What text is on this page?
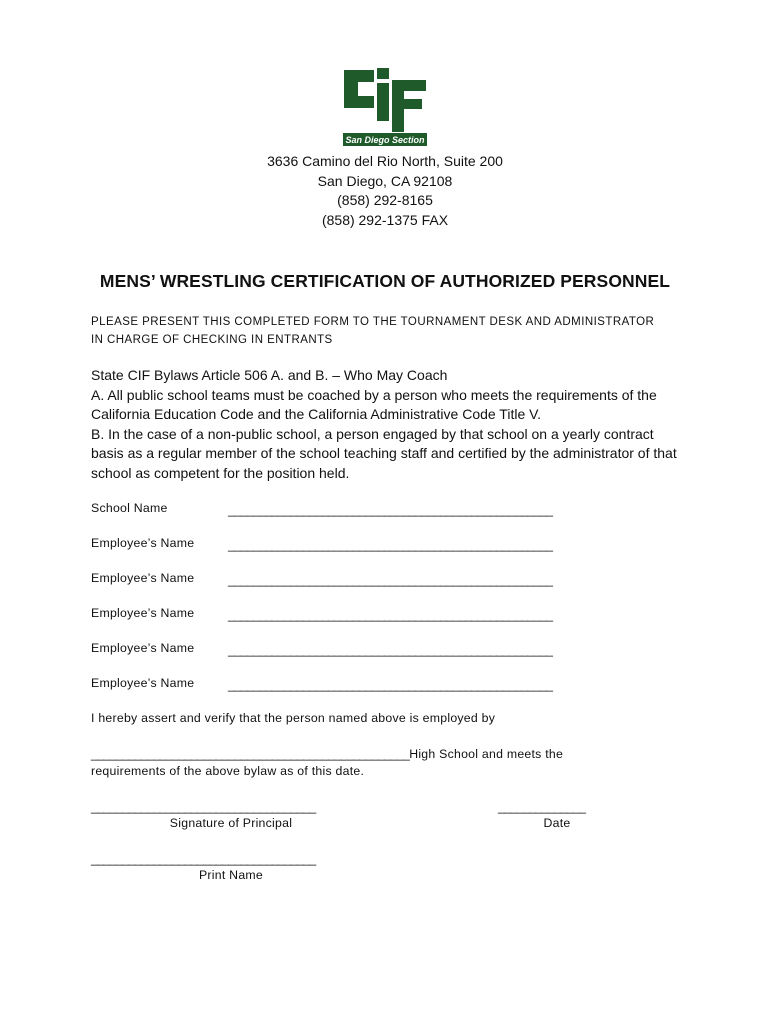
San Diego Section
3636 Camino del Rio North, Suite 200
San Diego, CA 92108
(858) 292-8165
(858) 292-1375 FAX
MENS’ WRESTLING CERTIFICATION OF AUTHORIZED PERSONNEL
PLEASE PRESENT THIS COMPLETED FORM TO THE TOURNAMENT DESK AND ADMINISTRATOR
IN CHARGE OF CHECKING IN ENTRANTS
State CIF Bylaws Article 506 A. and B. – Who May Coach
A. All public school teams must be coached by a person who meets the requirements of the
California Education Code and the California Administrative Code Title V.
B. In the case of a non-public school, a person engaged by that school on a yearly contract
basis as a regular member of the school teaching staff and certified by the administrator of that
school as competent for the position held.
School Name	____________________________________________________
Employee’s Name	____________________________________________________
Employee’s Name	____________________________________________________
Employee’s Name	____________________________________________________
Employee’s Name	____________________________________________________
Employee’s Name	____________________________________________________
I hereby assert and verify that the person named above is employed by
___________________________________________________High School and meets the
requirements of the above bylaw as of this date.
____________________________________
Signature of Principal
______________
Date
____________________________________
Print Name
